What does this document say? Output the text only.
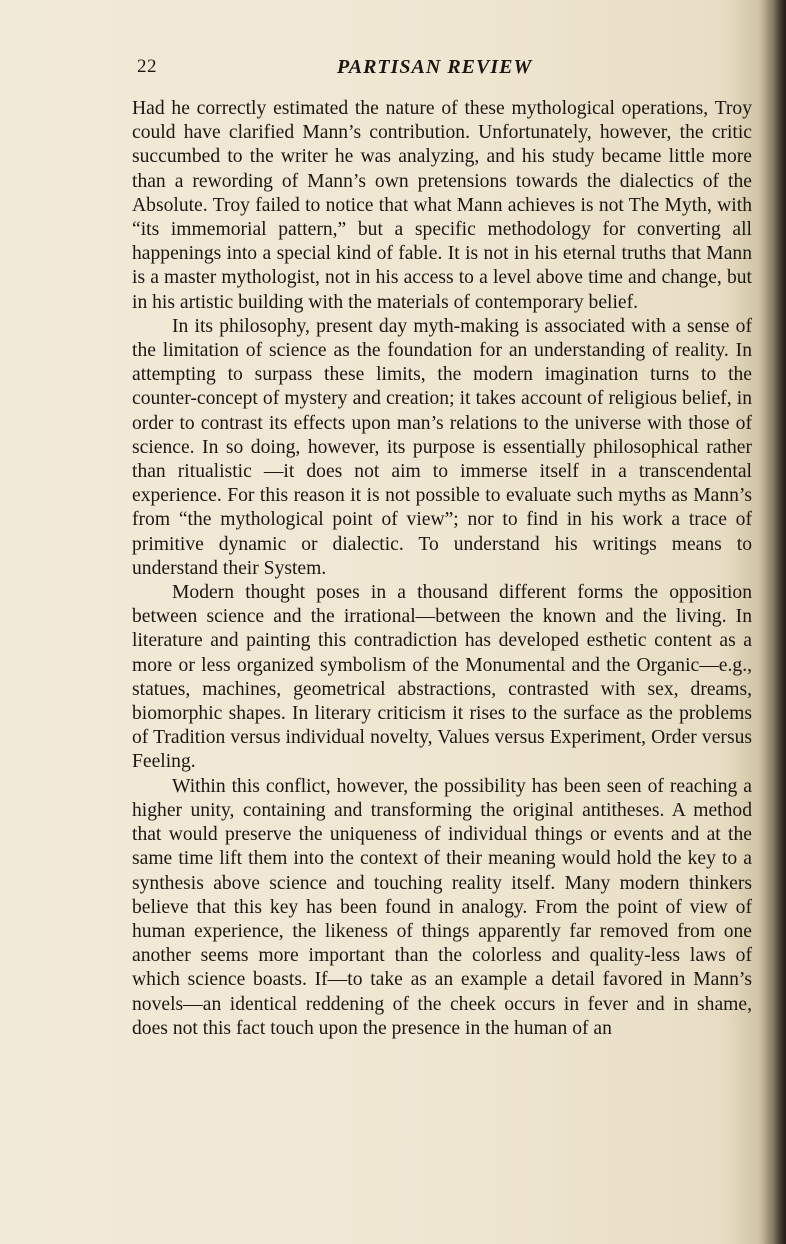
22	PARTISAN REVIEW

Had he correctly estimated the nature of these mythological operations, Troy could have clarified Mann’s contribution. Unfortunately, however, the critic succumbed to the writer he was analyzing, and his study became little more than a rewording of Mann’s own pretensions towards the dialectics of the Absolute. Troy failed to notice that what Mann achieves is not The Myth, with “its immemorial pattern,” but a specific methodology for converting all happenings into a special kind of fable. It is not in his eternal truths that Mann is a master mythologist, not in his access to a level above time and change, but in his artistic building with the materials of contemporary belief.

In its philosophy, present day myth-making is associated with a sense of the limitation of science as the foundation for an understanding of reality. In attempting to surpass these limits, the modern imagination turns to the counter-concept of mystery and creation; it takes account of religious belief, in order to contrast its effects upon man’s relations to the universe with those of science. In so doing, however, its purpose is essentially philosophical rather than ritualistic —it does not aim to immerse itself in a transcendental experience. For this reason it is not possible to evaluate such myths as Mann’s from “the mythological point of view”; nor to find in his work a trace of primitive dynamic or dialectic. To understand his writings means to understand their System.

Modern thought poses in a thousand different forms the opposition between science and the irrational—between the known and the living. In literature and painting this contradiction has developed esthetic content as a more or less organized symbolism of the Monumental and the Organic—e.g., statues, machines, geometrical abstractions, contrasted with sex, dreams, biomorphic shapes. In literary criticism it rises to the surface as the problems of Tradition versus individual novelty, Values versus Experiment, Order versus Feeling.

Within this conflict, however, the possibility has been seen of reaching a higher unity, containing and transforming the original antitheses. A method that would preserve the uniqueness of individual things or events and at the same time lift them into the context of their meaning would hold the key to a synthesis above science and touching reality itself. Many modern thinkers believe that this key has been found in analogy. From the point of view of human experience, the likeness of things apparently far removed from one another seems more important than the colorless and quality-less laws of which science boasts. If—to take as an example a detail favored in Mann’s novels—an identical reddening of the cheek occurs in fever and in shame, does not this fact touch upon the presence in the human of an
